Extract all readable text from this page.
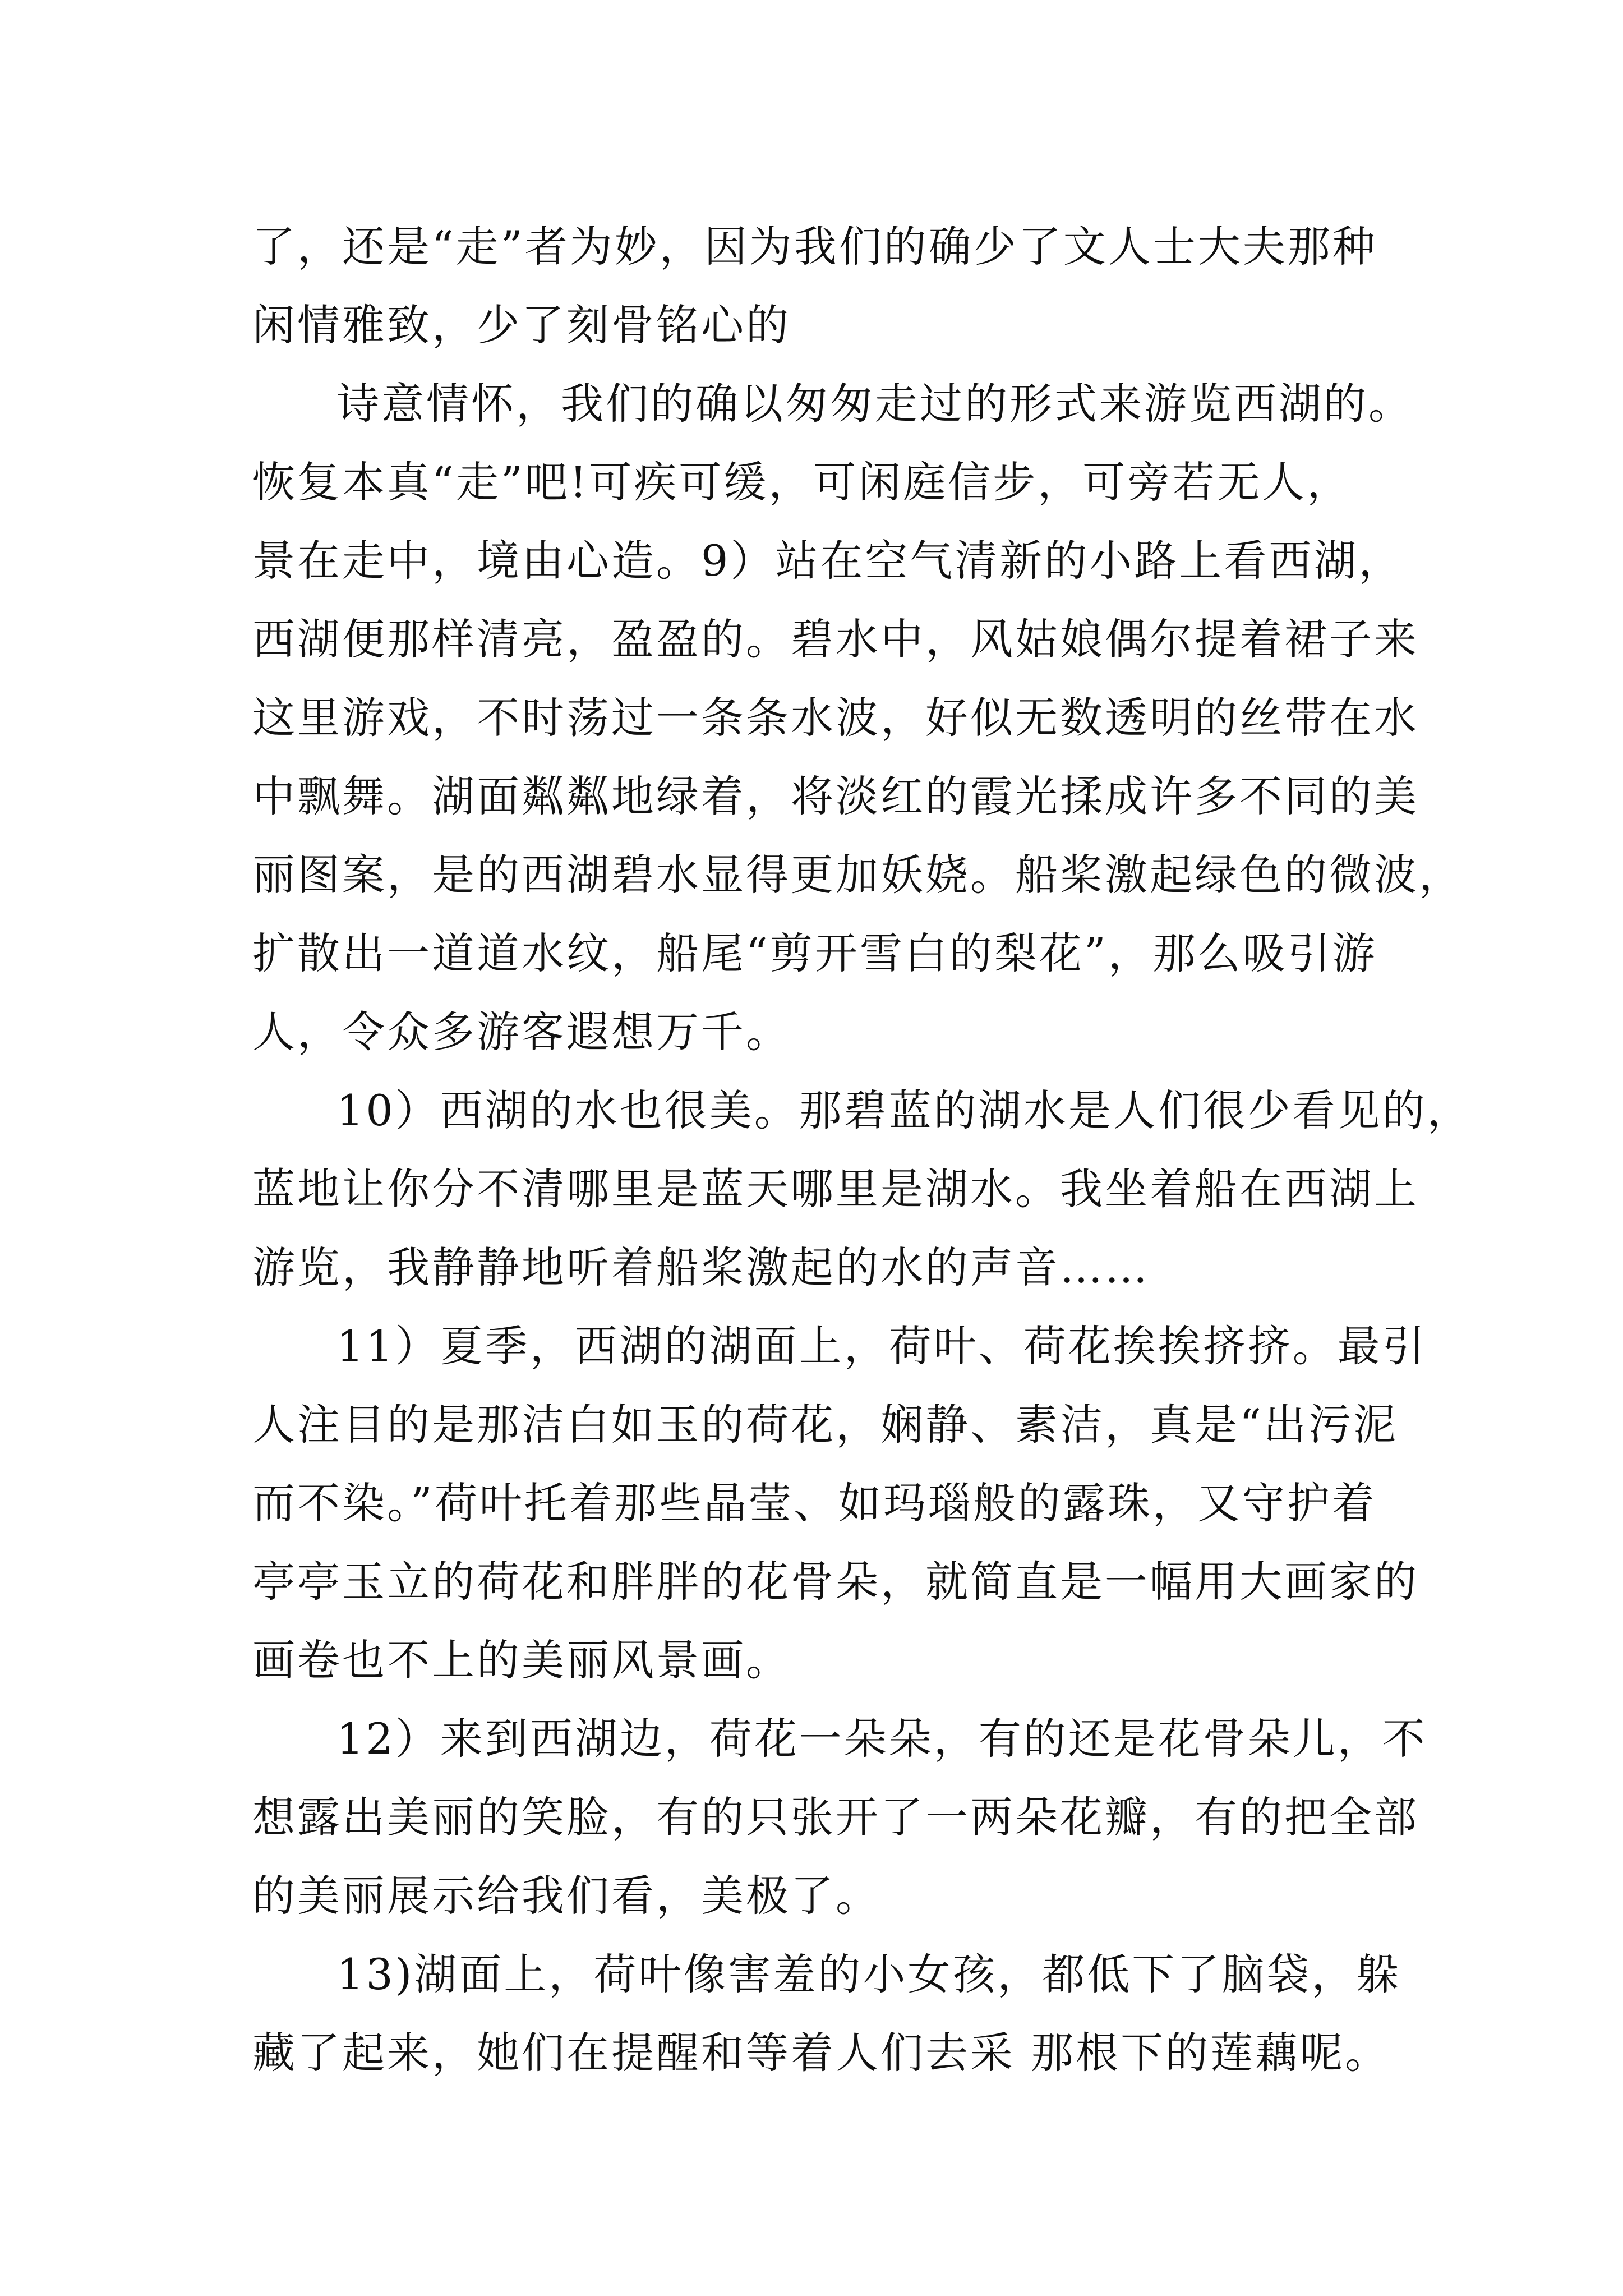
了，还是“走”者为妙，因为我们的确少了文人士大夫那种
闲情雅致，少了刻骨铭心的
诗意情怀，我们的确以匆匆走过的形式来游览西湖的。
恢复本真“走”吧!可疾可缓，可闲庭信步，可旁若无人，
景在走中，境由心造。9）站在空气清新的小路上看西湖，
西湖便那样清亮，盈盈的。碧水中，风姑娘偶尔提着裙子来
这里游戏，不时荡过一条条水波，好似无数透明的丝带在水
中飘舞。湖面粼粼地绿着，将淡红的霞光揉成许多不同的美
丽图案，是的西湖碧水显得更加妖娆。船桨激起绿色的微波，
扩散出一道道水纹，船尾“剪开雪白的梨花”，那么吸引游
人，令众多游客遐想万千。
10）西湖的水也很美。那碧蓝的湖水是人们很少看见的，
蓝地让你分不清哪里是蓝天哪里是湖水。我坐着船在西湖上
游览，我静静地听着船桨激起的水的声音……
11）夏季，西湖的湖面上，荷叶、荷花挨挨挤挤。最引
人注目的是那洁白如玉的荷花，娴静、素洁，真是“出污泥
而不染。”荷叶托着那些晶莹、如玛瑙般的露珠，又守护着
亭亭玉立的荷花和胖胖的花骨朵，就简直是一幅用大画家的
画卷也不上的美丽风景画。
12）来到西湖边，荷花一朵朵，有的还是花骨朵儿，不
想露出美丽的笑脸，有的只张开了一两朵花瓣，有的把全部
的美丽展示给我们看，美极了。
13)湖面上，荷叶像害羞的小女孩，都低下了脑袋，躲
藏了起来，她们在提醒和等着人们去采 那根下的莲藕呢。
